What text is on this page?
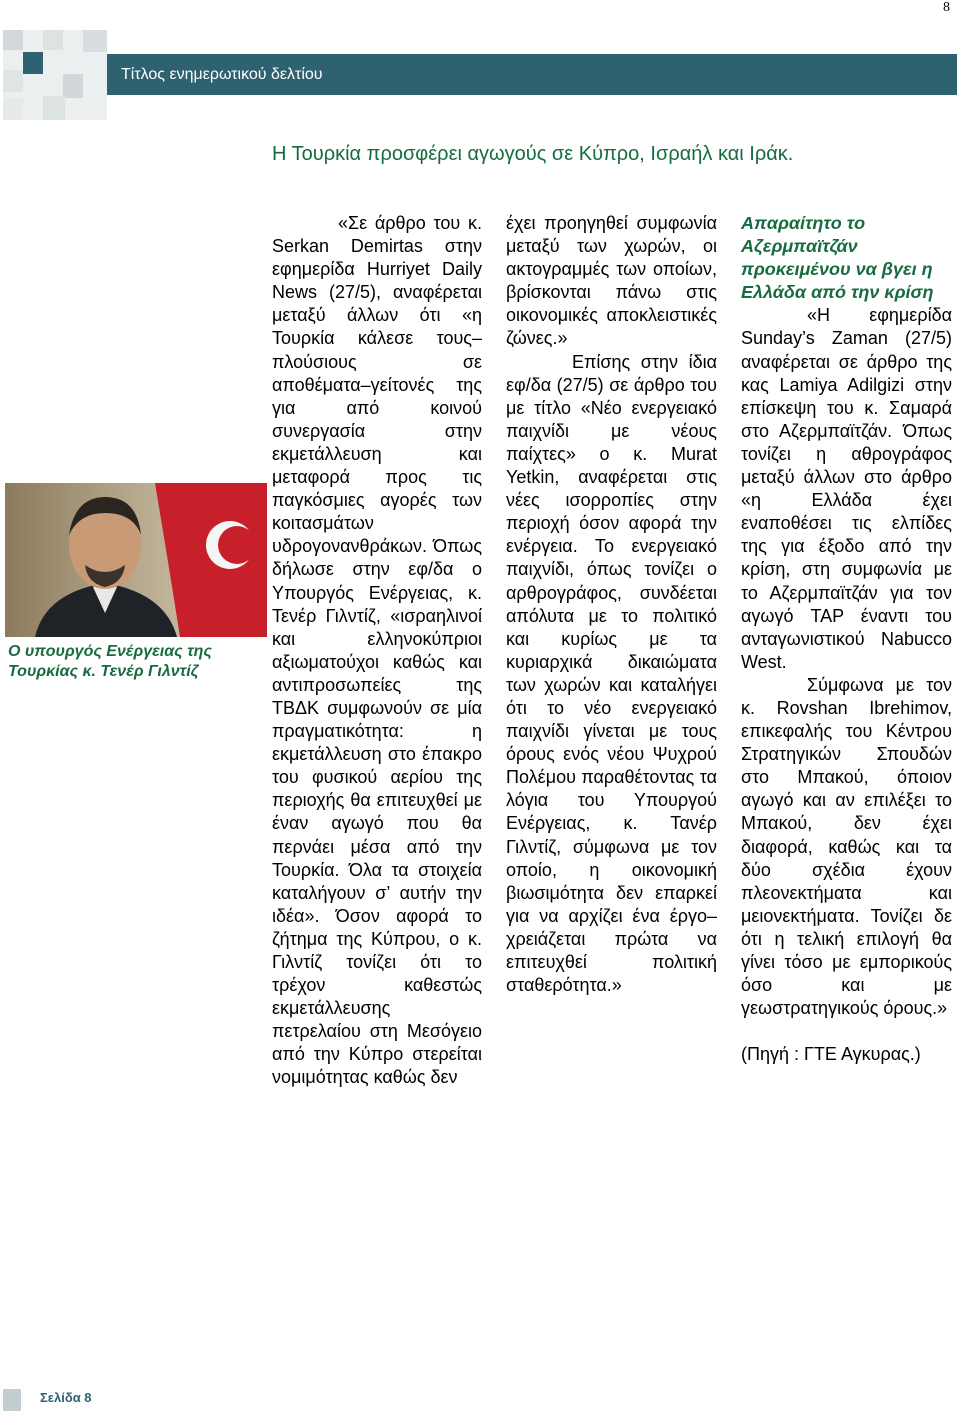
8
Τίτλος ενημερωτικού δελτίου
Η Τουρκία προσφέρει αγωγούς σε Κύπρο, Ισραήλ και Ιράκ.
Ο υπουργός Ενέργειας της Τουρκίας κ. Τενέρ Γιλντίζ

«Σε άρθρο του κ. Serkan Demirtas στην εφημερίδα Hurriyet Daily News (27/5), αναφέρεται μεταξύ άλλων ότι «η Τουρκία κάλεσε τους– πλούσιους σε αποθέματα–γείτονές της για από κοινού συνεργασία στην εκμετάλλευση και μεταφορά προς τις παγκόσμιες αγορές των κοιτασμάτων υδρογονανθράκων. Όπως δήλωσε στην εφ/δα ο Υπουργός Ενέργειας, κ. Τενέρ Γιλντίζ, «ισραηλινοί και ελληνοκύπριοι αξιωματούχοι καθώς και αντιπροσωπείες της ΤΒΔΚ συμφωνούν σε μία πραγματικότητα: η εκμετάλλευση στο έπακρο του φυσικού αερίου της περιοχής θα επιτευχθεί με έναν αγωγό που θα περνάει μέσα από την Τουρκία. Όλα τα στοιχεία καταλήγουν σ’ αυτήν την ιδέα». Όσον αφορά το ζήτημα της Κύπρου, ο κ. Γιλντίζ τονίζει ότι το τρέχον καθεστώς εκμετάλλευσης πετρελαίου στη Μεσόγειο από την Κύπρο στερείται νομιμότητας καθώς δεν

έχει προηγηθεί συμφωνία μεταξύ των χωρών, οι ακτογραμμές των οποίων, βρίσκονται πάνω στις οικονομικές αποκλειστικές ζώνες.»

Επίσης στην ίδια εφ/δα (27/5) σε άρθρο του με τίτλο «Νέο ενεργειακό παιχνίδι με νέους παίχτες» ο κ. Murat Yetkin, αναφέρεται στις νέες ισορροπίες στην περιοχή όσον αφορά την ενέργεια. Το ενεργειακό παιχνίδι, όπως τονίζει ο αρθρογράφος, συνδέεται απόλυτα με το πολιτικό και κυρίως με τα κυριαρχικά δικαιώματα των χωρών και καταλήγει ότι το νέο ενεργειακό παιχνίδι γίνεται με τους όρους ενός νέου Ψυχρού Πολέμου παραθέτοντας τα λόγια του Υπουργού Ενέργειας, κ. Τανέρ Γιλντίζ, σύμφωνα με τον οποίο, η οικονομική βιωσιμότητα δεν επαρκεί για να αρχίζει ένα έργο– χρειάζεται πρώτα να επιτευχθεί πολιτική σταθερότητα.»

Απαραίτητο το Αζερμπαϊτζάν προκειμένου να βγει η Ελλάδα από την κρίση

«Η εφημερίδα Sunday’s Zaman (27/5) αναφέρεται σε άρθρο της κας Lamiya Adilgizi στην επίσκεψη του κ. Σαμαρά στο Αζερμπαϊτζάν. Όπως τονίζει η αθρογράφος μεταξύ άλλων στο άρθρο «η Ελλάδα έχει εναποθέσει τις ελπίδες της για έξοδο από την κρίση, στη συμφωνία με το Αζερμπαϊτζάν για τον αγωγό TAP έναντι του ανταγωνιστικού Nabucco West.

Σύμφωνα με τον κ. Rovshan Ibrehimov, επικεφαλής του Κέντρου Στρατηγικών Σπουδών στο Μπακού, όποιον αγωγό και αν επιλέξει το Μπακού, δεν έχει διαφορά, καθώς και τα δύο σχέδια έχουν πλεονεκτήματα και μειονεκτήματα. Τονίζει δε ότι η τελική επιλογή θα γίνει τόσο με εμπορικούς όσο και με γεωστρατηγικούς όρους.»

(Πηγή : ΓΤΕ Αγκυρας.)

Σελίδα 8
